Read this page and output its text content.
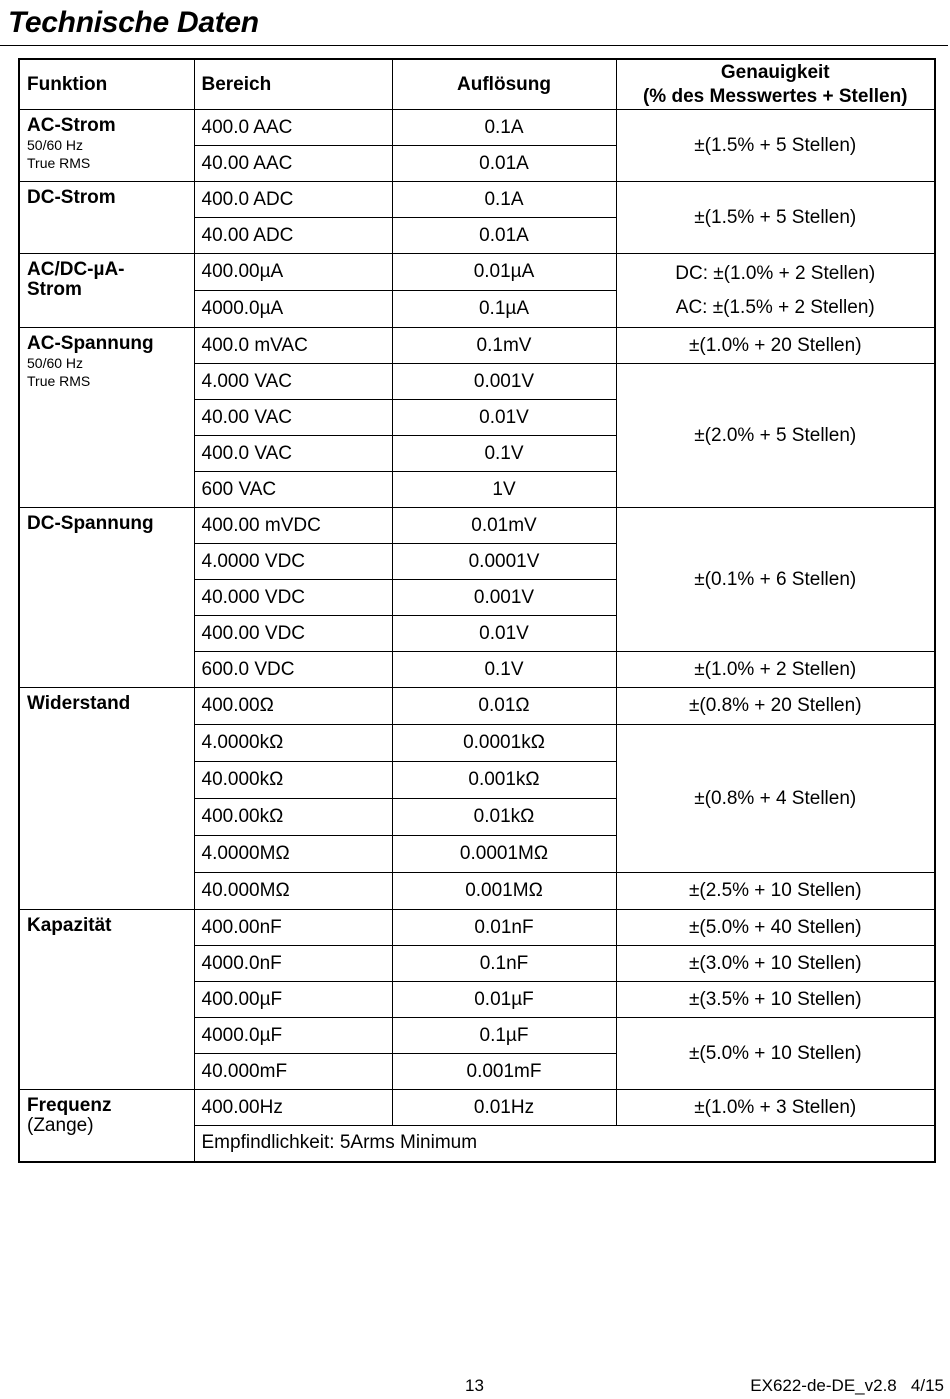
Technische Daten
Funktion	Bereich	Auflösung	Genauigkeit
(% des Messwertes + Stellen)

AC-Strom
50/60 Hz
True RMS	400.0 AAC	0.1A	±(1.5% + 5 Stellen)
	40.00 AAC	0.01A	

DC-Strom	400.0 ADC	0.1A	±(1.5% + 5 Stellen)
	40.00 ADC	0.01A	

AC/DC-µA-
Strom	400.00µA	0.01µA	DC: ±(1.0% + 2 Stellen)
AC: ±(1.5% + 2 Stellen)

	4000.0µA	0.1µA	

AC-Spannung
50/60 Hz
True RMS	400.0 mVAC	0.1mV	±(1.0% + 20 Stellen)
	4.000 VAC	0.001V	±(2.0% + 5 Stellen)
	40.00 VAC	0.01V	
	400.0 VAC	0.1V	
	600 VAC	1V	

DC-Spannung	400.00 mVDC	0.01mV	±(0.1% + 6 Stellen)
	4.0000 VDC	0.0001V	
	40.000 VDC	0.001V	
	400.00 VDC	0.01V	
	600.0 VDC	0.1V	±(1.0% + 2 Stellen)

Widerstand	400.00Ω	0.01Ω	±(0.8% + 20 Stellen)
	4.0000kΩ	0.0001kΩ	±(0.8% + 4 Stellen)
	40.000kΩ	0.001kΩ	
	400.00kΩ	0.01kΩ	
	4.0000MΩ	0.0001MΩ	
	40.000MΩ	0.001MΩ	±(2.5% + 10 Stellen)

Kapazität	400.00nF	0.01nF	±(5.0% + 40 Stellen)
	4000.0nF	0.1nF	±(3.0% + 10 Stellen)
	400.00µF	0.01µF	±(3.5% + 10 Stellen)
	4000.0µF	0.1µF	±(5.0% + 10 Stellen)
	40.000mF	0.001mF	

Frequenz
(Zange)	400.00Hz	0.01Hz	±(1.0% + 3 Stellen)
	Empfindlichkeit: 5Arms Minimum		
13	EX622-de-DE_v2.8   4/15
